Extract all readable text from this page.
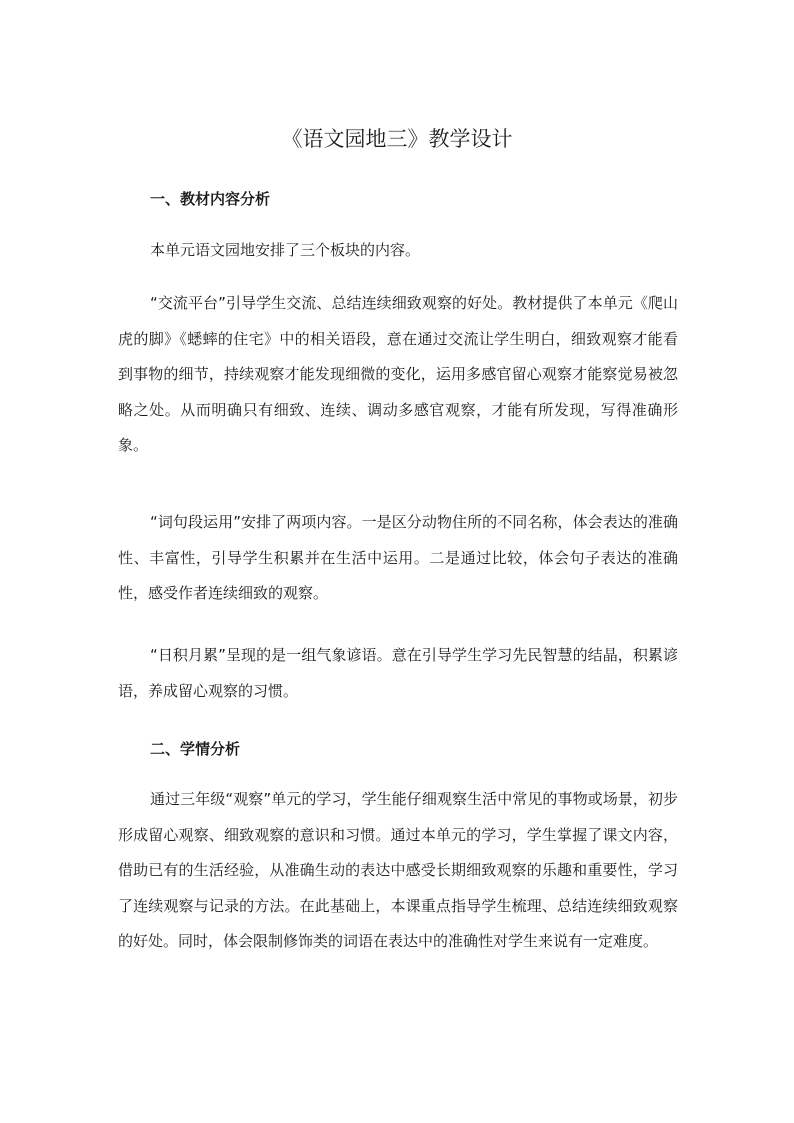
《语文园地三》教学设计
一、教材内容分析

本单元语文园地安排了三个板块的内容。

“交流平台”引导学生交流、总结连续细致观察的好处。教材提供了本单元《爬山虎的脚》《蟋蟀的住宅》中的相关语段，意在通过交流让学生明白，细致观察才能看到事物的细节，持续观察才能发现细微的变化，运用多感官留心观察才能察觉易被忽略之处。从而明确只有细致、连续、调动多感官观察，才能有所发现，写得准确形象。

“词句段运用”安排了两项内容。一是区分动物住所的不同名称，体会表达的准确性、丰富性，引导学生积累并在生活中运用。二是通过比较，体会句子表达的准确性，感受作者连续细致的观察。

“日积月累”呈现的是一组气象谚语。意在引导学生学习先民智慧的结晶，积累谚语，养成留心观察的习惯。

二、学情分析

通过三年级“观察”单元的学习，学生能仔细观察生活中常见的事物或场景，初步形成留心观察、细致观察的意识和习惯。通过本单元的学习，学生掌握了课文内容，借助已有的生活经验，从准确生动的表达中感受长期细致观察的乐趣和重要性，学习了连续观察与记录的方法。在此基础上，本课重点指导学生梳理、总结连续细致观察的好处。同时，体会限制修饰类的词语在表达中的准确性对学生来说有一定难度。
